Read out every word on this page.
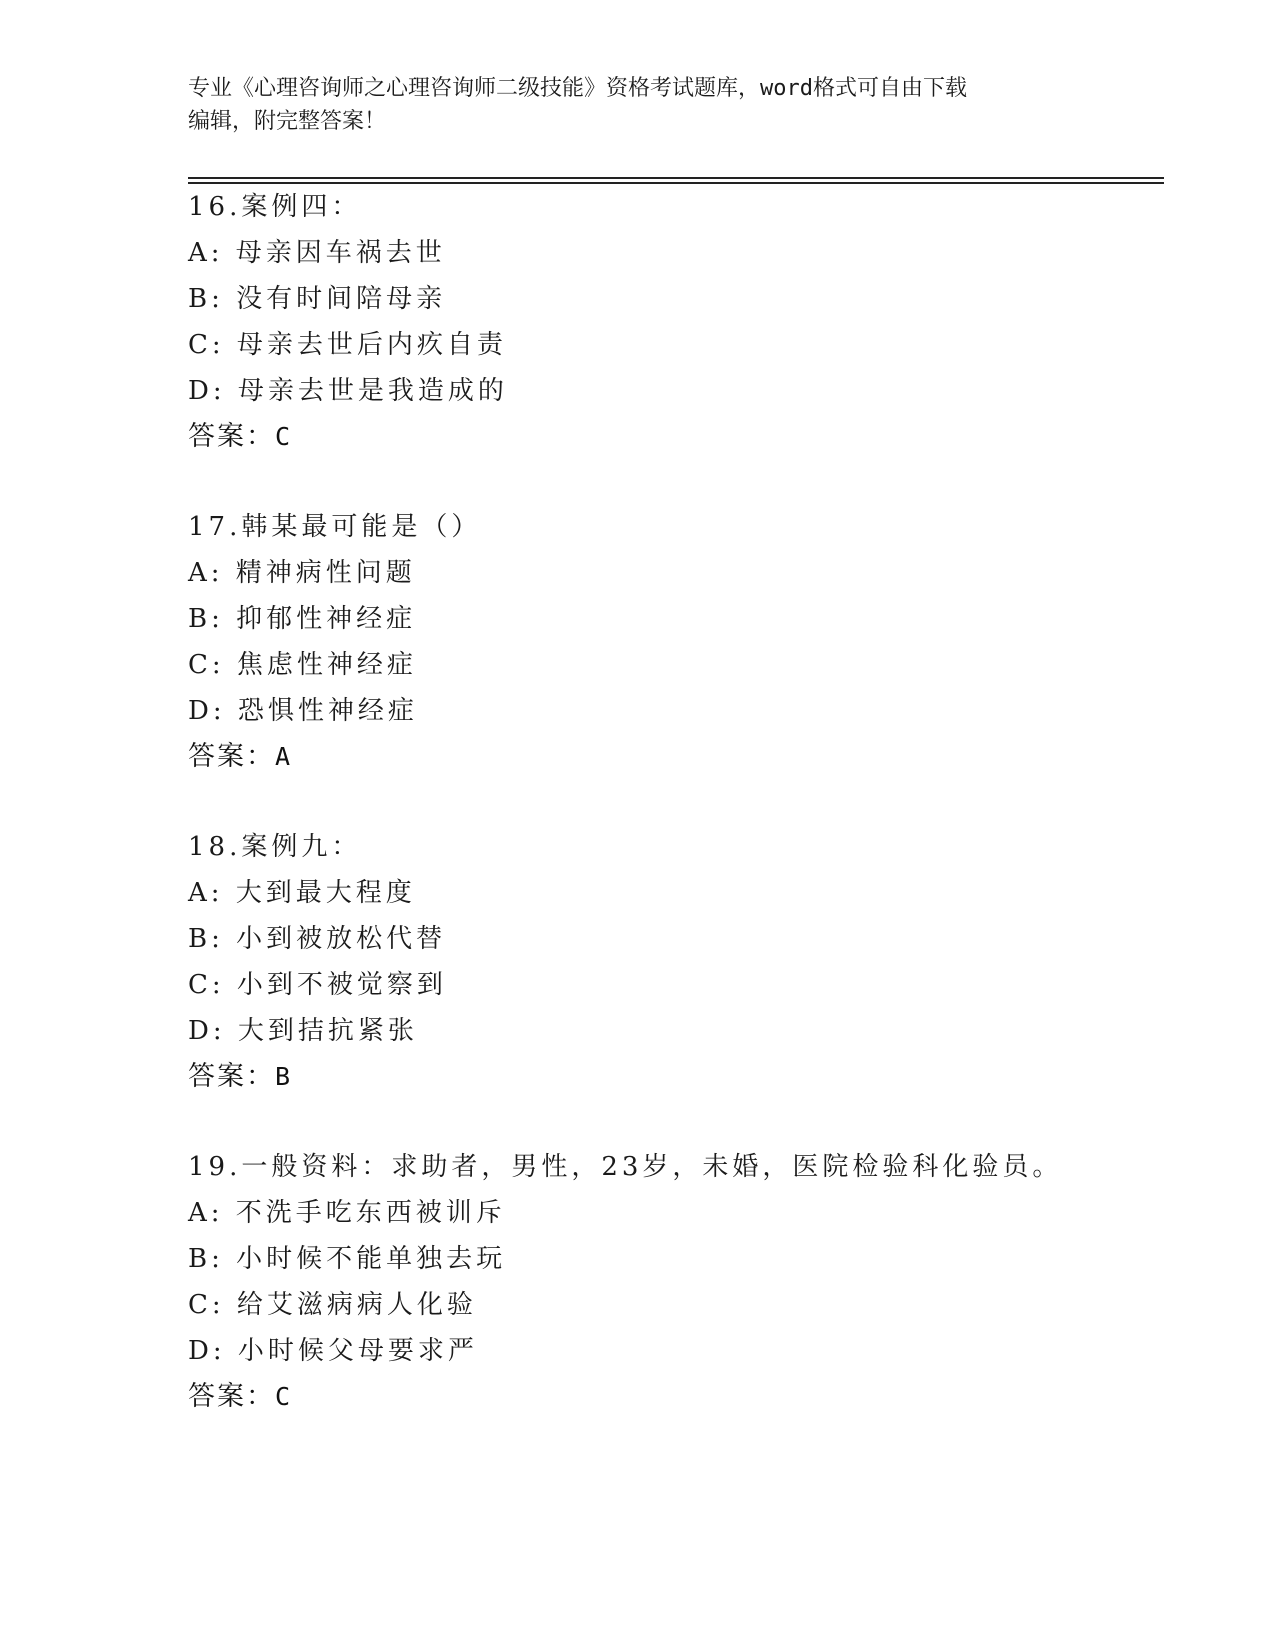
专业《心理咨询师之心理咨询师二级技能》资格考试题库，word格式可自由下载
编辑，附完整答案！
16.案例四：
A: 母亲因车祸去世
B: 没有时间陪母亲
C: 母亲去世后内疚自责
D: 母亲去世是我造成的
答案：C
17.韩某最可能是（）
A: 精神病性问题
B: 抑郁性神经症
C: 焦虑性神经症
D: 恐惧性神经症
答案：A
18.案例九：
A: 大到最大程度
B: 小到被放松代替
C: 小到不被觉察到
D: 大到拮抗紧张
答案：B
19.一般资料：求助者，男性，23岁，未婚，医院检验科化验员。
A: 不洗手吃东西被训斥
B: 小时候不能单独去玩
C: 给艾滋病病人化验
D: 小时候父母要求严
答案：C
